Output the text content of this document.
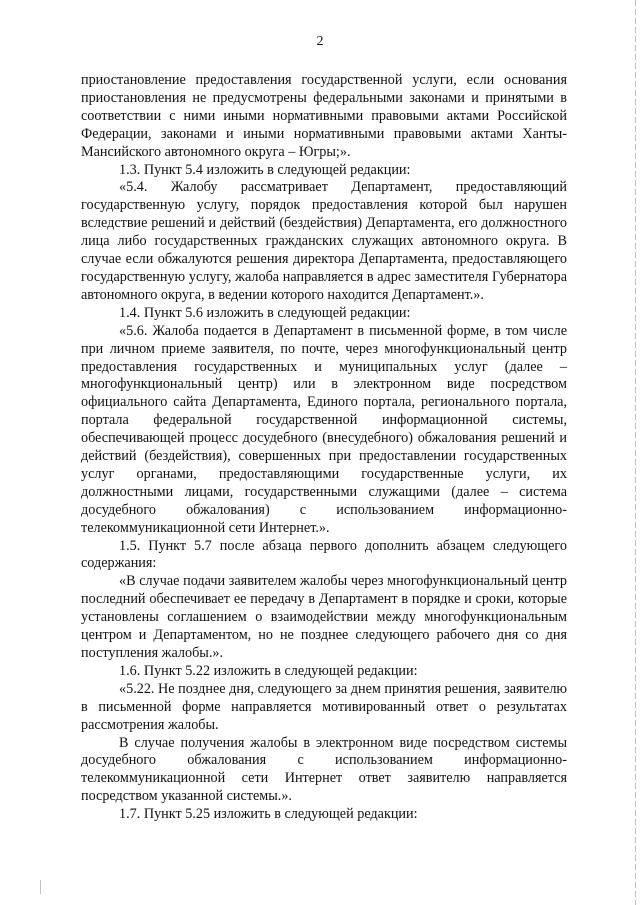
2

приостановление предоставления государственной услуги, если основания приостановления не предусмотрены федеральными законами и принятыми в соответствии с ними иными нормативными правовыми актами Российской Федерации, законами и иными нормативными правовыми актами Ханты-Мансийского автономного округа – Югры;».

1.3. Пункт 5.4 изложить в следующей редакции:

«5.4. Жалобу рассматривает Департамент, предоставляющий государственную услугу, порядок предоставления которой был нарушен вследствие решений и действий (бездействия) Департамента, его должностного лица либо государственных гражданских служащих автономного округа. В случае если обжалуются решения директора Департамента, предоставляющего государственную услугу, жалоба направляется в адрес заместителя Губернатора автономного округа, в ведении которого находится Департамент.».

1.4. Пункт 5.6 изложить в следующей редакции:

«5.6. Жалоба подается в Департамент в письменной форме, в том числе при личном приеме заявителя, по почте, через многофункциональный центр предоставления государственных и муниципальных услуг (далее – многофункциональный центр) или в электронном виде посредством официального сайта Департамента, Единого портала, регионального портала, портала федеральной государственной информационной системы, обеспечивающей процесс досудебного (внесудебного) обжалования решений и действий (бездействия), совершенных при предоставлении государственных услуг органами, предоставляющими государственные услуги, их должностными лицами, государственными служащими (далее – система досудебного обжалования) с использованием информационно-телекоммуникационной сети Интернет.».

1.5. Пункт 5.7 после абзаца первого дополнить абзацем следующего содержания:

«В случае подачи заявителем жалобы через многофункциональный центр последний обеспечивает ее передачу в Департамент в порядке и сроки, которые установлены соглашением о взаимодействии между многофункциональным центром и Департаментом, но не позднее следующего рабочего дня со дня поступления жалобы.».

1.6. Пункт 5.22 изложить в следующей редакции:

«5.22. Не позднее дня, следующего за днем принятия решения, заявителю в письменной форме направляется мотивированный ответ о результатах рассмотрения жалобы.

В случае получения жалобы в электронном виде посредством системы досудебного обжалования с использованием информационно-телекоммуникационной сети Интернет ответ заявителю направляется посредством указанной системы.».

1.7. Пункт 5.25 изложить в следующей редакции:
